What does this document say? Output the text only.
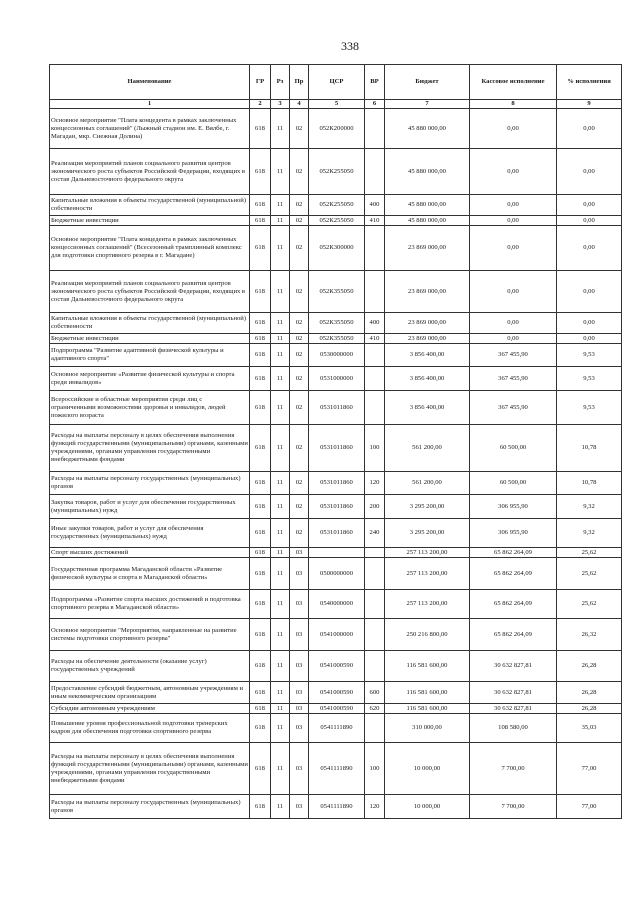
338
Наименование	ГР	Рз	Пр	ЦСР	ВР	Бюджет	Кассовое исполнение	% исполнения
1	2	3	4	5	6	7	8	9
Основное мероприятие "Плата концедента в рамках заключенных концессионных соглашений" (Лыжный стадион им. Е. Вялбе, г. Магадан, мкр. Снежная Долина)	618	11	02	052К200000		45 880 000,00	0,00	0,00
Реализация мероприятий планов социального развития центров экономического роста субъектов Российской Федерации, входящих в состав Дальневосточного федерального округа	618	11	02	052К255050		45 880 000,00	0,00	0,00
Капитальные вложения в объекты государственной (муниципальной) собственности	618	11	02	052К255050	400	45 880 000,00	0,00	0,00
Бюджетные инвестиции	618	11	02	052К255050	410	45 880 000,00	0,00	0,00
Основное мероприятие "Плата концедента в рамках заключенных концессионных соглашений" (Всесезонный трамплинный комплекс для подготовки спортивного резерва в г. Магадане)	618	11	02	052К300000		23 869 000,00	0,00	0,00
Реализация мероприятий планов социального развития центров экономического роста субъектов Российской Федерации, входящих в состав Дальневосточного федерального округа	618	11	02	052К355050		23 869 000,00	0,00	0,00
Капитальные вложения в объекты государственной (муниципальной) собственности	618	11	02	052К355050	400	23 869 000,00	0,00	0,00
Бюджетные инвестиции	618	11	02	052К355050	410	23 869 000,00	0,00	0,00
Подпрограмма "Развитие адаптивной физической культуры и адаптивного спорта"	618	11	02	0530000000		3 856 400,00	367 455,90	9,53
Основное мероприятие «Развитие физической культуры и спорта среди инвалидов»	618	11	02	0531000000		3 856 400,00	367 455,90	9,53
Всероссийские и областные мероприятия среди лиц с ограниченными возможностями здоровья и инвалидов, людей пожилого возраста	618	11	02	0531011860		3 856 400,00	367 455,90	9,53
Расходы на выплаты персоналу в целях обеспечения выполнения функций государственными (муниципальными) органами, казенными учреждениями, органами управления государственными внебюджетными фондами	618	11	02	0531011860	100	561 200,00	60 500,00	10,78
Расходы на выплаты персоналу государственных (муниципальных) органов	618	11	02	0531011860	120	561 200,00	60 500,00	10,78
Закупка товаров, работ и услуг для обеспечения государственных (муниципальных) нужд	618	11	02	0531011860	200	3 295 200,00	306 955,90	9,32
Иные закупки товаров, работ и услуг для обеспечения государственных (муниципальных) нужд	618	11	02	0531011860	240	3 295 200,00	306 955,90	9,32
Спорт высших достижений	618	11	03			257 113 200,00	65 862 264,09	25,62
Государственная программа Магаданской области «Развитие физической культуры и спорта в Магаданской области»	618	11	03	0500000000		257 113 200,00	65 862 264,09	25,62
Подпрограмма «Развитие спорта высших достижений и подготовка спортивного резерва в Магаданской области»	618	11	03	0540000000		257 113 200,00	65 862 264,09	25,62
Основное мероприятие "Мероприятия, направленные на развитие системы подготовки спортивного резерва"	618	11	03	0541000000		250 216 800,00	65 862 264,09	26,32
Расходы на обеспечение деятельности (оказание услуг) государственных учреждений	618	11	03	0541000590		116 581 600,00	30 632 827,81	26,28
Предоставление субсидий бюджетным, автономным учреждениям и иным некоммерческим организациям	618	11	03	0541000590	600	116 581 600,00	30 632 827,81	26,28
Субсидии автономным учреждениям	618	11	03	0541000590	620	116 581 600,00	30 632 827,81	26,28
Повышение уровня профессиональной подготовки тренерских кадров для обеспечения подготовки спортивного резерва	618	11	03	0541111890		310 000,00	108 580,00	35,03
Расходы на выплаты персоналу в целях обеспечения выполнения функций государственными (муниципальными) органами, казенными учреждениями, органами управления государственными внебюджетными фондами	618	11	03	0541111890	100	10 000,00	7 700,00	77,00
Расходы на выплаты персоналу государственных (муниципальных) органов	618	11	03	0541111890	120	10 000,00	7 700,00	77,00
